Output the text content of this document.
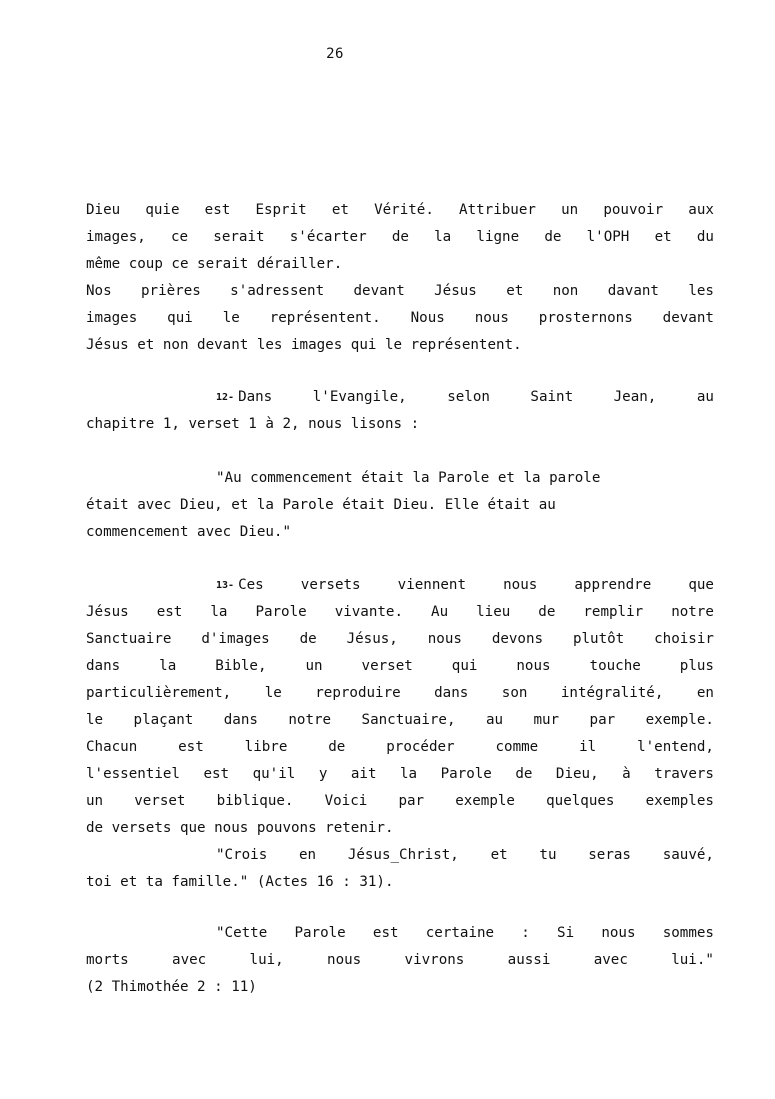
26
Dieu quie est Esprit et Vérité. Attribuer un pouvoir aux
images, ce serait s'écarter de la ligne de l'OPH et du
même coup ce serait dérailler.
Nos prières s'adressent devant Jésus et non davant les
images qui le représentent. Nous nous prosternons devant
Jésus et non devant les images qui le représentent.
12- Dans	l'Evangile,	selon	Saint	Jean,	au
chapitre 1, verset 1 à 2, nous lisons :
"Au commencement était la Parole et la parole
était avec Dieu, et la Parole était Dieu. Elle était au
commencement avec Dieu."
13- Ces	versets	viennent	nous	apprendre	que
Jésus est la Parole vivante. Au lieu de remplir notre
Sanctuaire d'images de Jésus, nous devons plutôt choisir
dans	la	Bible,	un	verset	qui	nous	touche	plus
particulièrement, le reproduire dans son intégralité, en
le plaçant dans notre Sanctuaire, au mur par exemple.
Chacun	est	libre	de	procéder	comme	il	l'entend,
l'essentiel est qu'il y ait la Parole de Dieu, à travers
un verset biblique. Voici par exemple quelques exemples
de versets que nous pouvons retenir.
"Crois en Jésus_Christ, et tu seras sauvé,
toi et ta famille." (Actes 16 : 31).
"Cette Parole est certaine : Si nous sommes
morts	avec	lui,	nous	vivrons	aussi	avec	lui."
(2 Thimothée 2 : 11)
